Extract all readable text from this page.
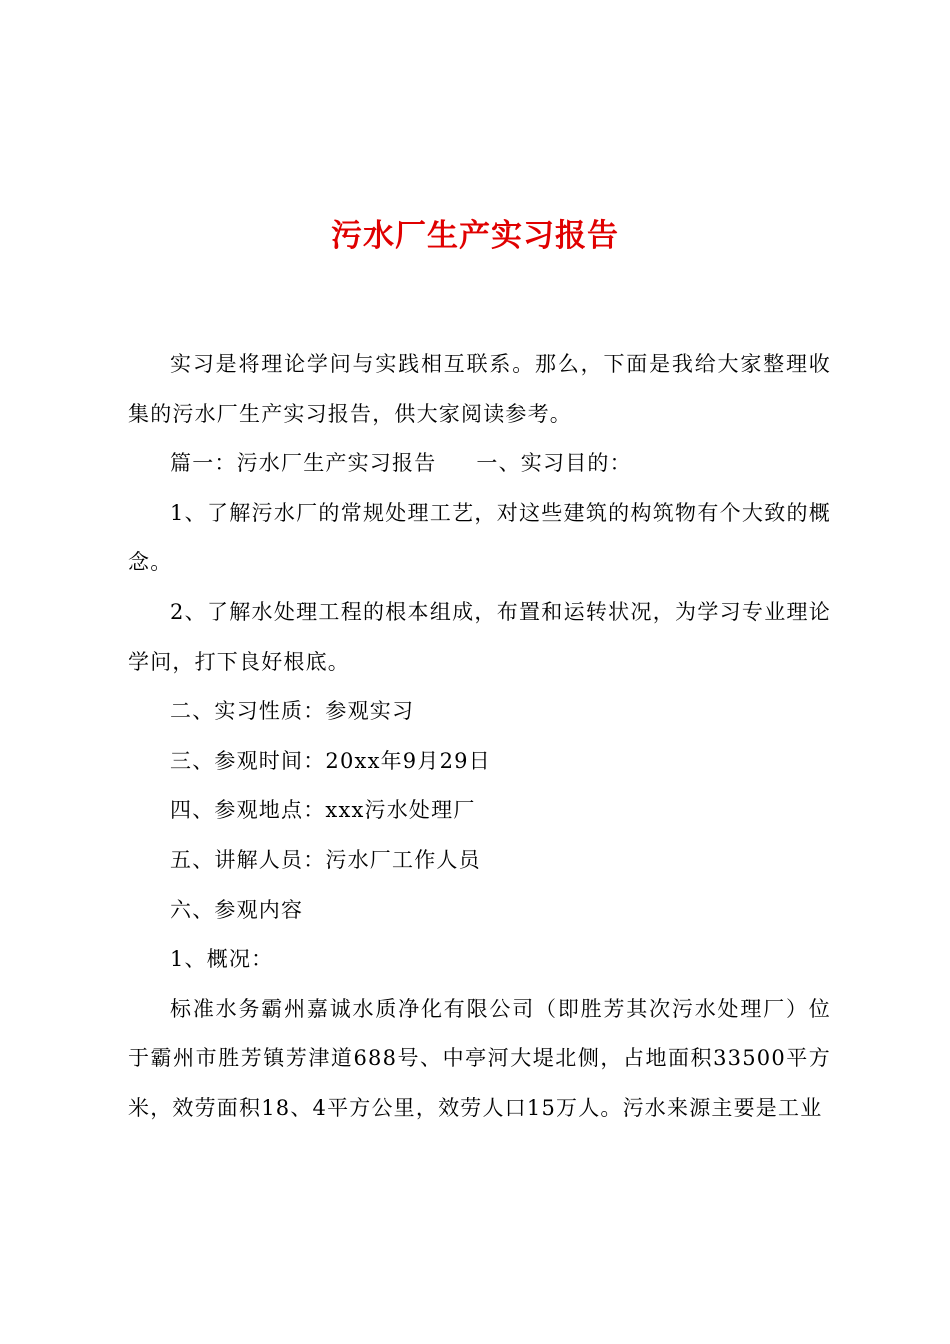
污水厂生产实习报告

实习是将理论学问与实践相互联系。那么，下面是我给大家整理收集的污水厂生产实习报告，供大家阅读参考。

篇一：污水厂生产实习报告 一、实习目的：

1、了解污水厂的常规处理工艺，对这些建筑的构筑物有个大致的概念。

2、了解水处理工程的根本组成，布置和运转状况，为学习专业理论学问，打下良好根底。

二、实习性质：参观实习

三、参观时间：20xx年9月29日

四、参观地点：xxx污水处理厂

五、讲解人员：污水厂工作人员

六、参观内容

1、概况：

标准水务霸州嘉诚水质净化有限公司（即胜芳其次污水处理厂）位于霸州市胜芳镇芳津道688号、中亭河大堤北侧，占地面积33500平方米，效劳面积18、4平方公里，效劳人口15万人。污水来源主要是工业
